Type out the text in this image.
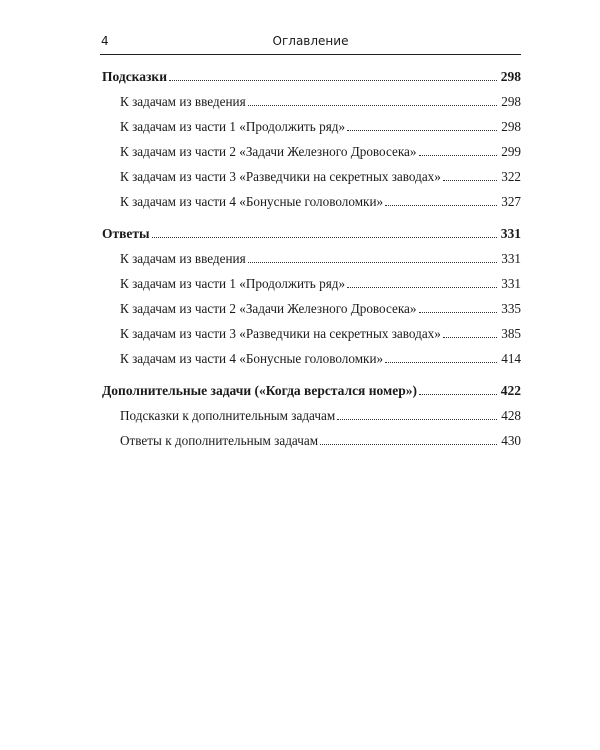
Оглавление
4
Подсказки	298
К задачам из введения	298
К задачам из части 1 «Продолжить ряд»	298
К задачам из части 2 «Задачи Железного Дровосека»	299
К задачам из части 3 «Разведчики на секретных заводах»	322
К задачам из части 4 «Бонусные головоломки»	327
Ответы	331
К задачам из введения	331
К задачам из части 1 «Продолжить ряд»	331
К задачам из части 2 «Задачи Железного Дровосека»	335
К задачам из части 3 «Разведчики на секретных заводах»	385
К задачам из части 4 «Бонусные головоломки»	414
Дополнительные задачи («Когда верстался номер»)	422
Подсказки к дополнительным задачам	428
Ответы к дополнительным задачам	430
